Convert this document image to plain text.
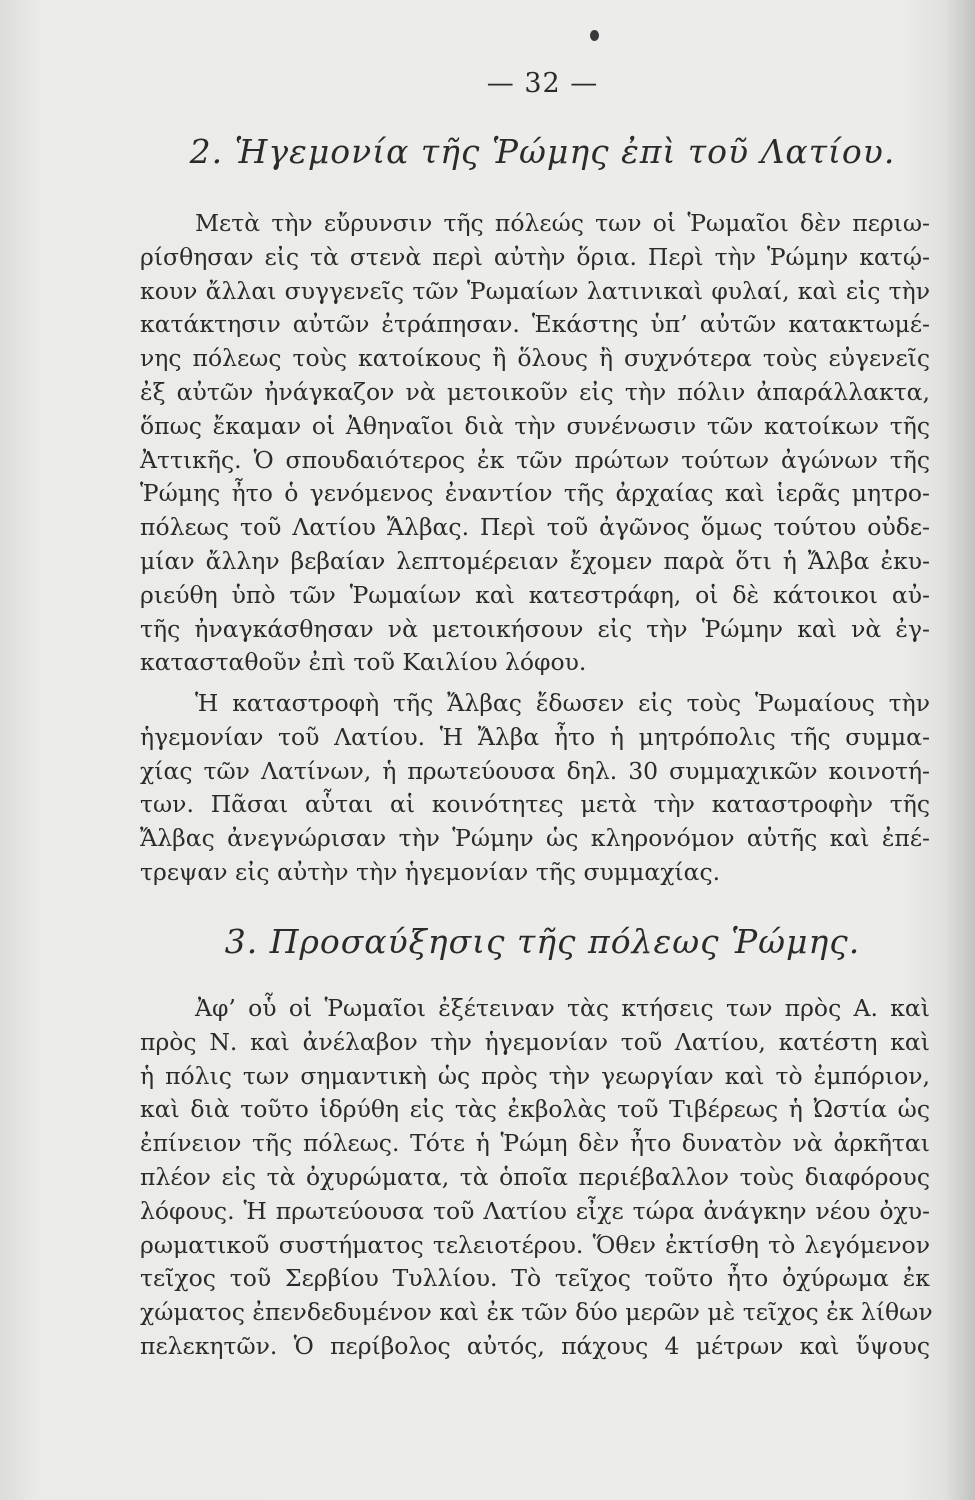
— 32 —
2. Ἡγεμονία τῆς Ῥώμης ἐπὶ τοῦ Λατίου.
Μετὰ τὴν εὔρυνσιν τῆς πόλεώς των οἱ Ῥωμαῖοι δὲν περιω-
ρίσθησαν εἰς τὰ στενὰ περὶ αὐτὴν ὅρια. Περὶ τὴν Ῥώμην κατῴ-
κουν ἄλλαι συγγενεῖς τῶν Ῥωμαίων λατινικαὶ φυλαί, καὶ εἰς τὴν
κατάκτησιν αὐτῶν ἐτράπησαν. Ἑκάστης ὑπ’ αὐτῶν κατακτωμέ-
νης πόλεως τοὺς κατοίκους ἢ ὅλους ἢ συχνότερα τοὺς εὐγενεῖς
ἐξ αὐτῶν ἠνάγκαζον νὰ μετοικοῦν εἰς τὴν πόλιν ἀπαράλλακτα,
ὅπως ἔκαμαν οἱ Ἀθηναῖοι διὰ τὴν συνένωσιν τῶν κατοίκων τῆς
Ἀττικῆς. Ὁ σπουδαιότερος ἐκ τῶν πρώτων τούτων ἀγώνων τῆς
Ῥώμης ἦτο ὁ γενόμενος ἐναντίον τῆς ἀρχαίας καὶ ἱερᾶς μητρο-
πόλεως τοῦ Λατίου Ἄλβας. Περὶ τοῦ ἀγῶνος ὅμως τούτου οὐδε-
μίαν ἄλλην βεβαίαν λεπτομέρειαν ἔχομεν παρὰ ὅτι ἡ Ἄλβα ἐκυ-
ριεύθη ὑπὸ τῶν Ῥωμαίων καὶ κατεστράφη, οἱ δὲ κάτοικοι αὐ-
τῆς ἠναγκάσθησαν νὰ μετοικήσουν εἰς τὴν Ῥώμην καὶ νὰ ἐγ-
κατασταθοῦν ἐπὶ τοῦ Καιλίου λόφου.
Ἡ καταστροφὴ τῆς Ἄλβας ἔδωσεν εἰς τοὺς Ῥωμαίους τὴν
ἡγεμονίαν τοῦ Λατίου. Ἡ Ἄλβα ἦτο ἡ μητρόπολις τῆς συμμα-
χίας τῶν Λατίνων, ἡ πρωτεύουσα δηλ. 30 συμμαχικῶν κοινοτή-
των. Πᾶσαι αὗται αἱ κοινότητες μετὰ τὴν καταστροφὴν τῆς
Ἄλβας ἀνεγνώρισαν τὴν Ῥώμην ὡς κληρονόμον αὐτῆς καὶ ἐπέ-
τρεψαν εἰς αὐτὴν τὴν ἡγεμονίαν τῆς συμμαχίας.
3. Προσαύξησις τῆς πόλεως Ῥώμης.
Ἀφ’ οὗ οἱ Ῥωμαῖοι ἐξέτειναν τὰς κτήσεις των πρὸς Α. καὶ
πρὸς Ν. καὶ ἀνέλαβον τὴν ἡγεμονίαν τοῦ Λατίου, κατέστη καὶ
ἡ πόλις των σημαντικὴ ὡς πρὸς τὴν γεωργίαν καὶ τὸ ἐμπόριον,
καὶ διὰ τοῦτο ἱδρύθη εἰς τὰς ἐκβολὰς τοῦ Τιβέρεως ἡ Ὠστία ὡς
ἐπίνειον τῆς πόλεως. Τότε ἡ Ῥώμη δὲν ἦτο δυνατὸν νὰ ἀρκῆται
πλέον εἰς τὰ ὀχυρώματα, τὰ ὁποῖα περιέβαλλον τοὺς διαφόρους
λόφους. Ἡ πρωτεύουσα τοῦ Λατίου εἶχε τώρα ἀνάγκην νέου ὀχυ-
ρωματικοῦ συστήματος τελειοτέρου. Ὅθεν ἐκτίσθη τὸ λεγόμενον
τεῖχος τοῦ Σερβίου Τυλλίου. Τὸ τεῖχος τοῦτο ἦτο ὀχύρωμα ἐκ
χώματος ἐπενδεδυμένον καὶ ἐκ τῶν δύο μερῶν μὲ τεῖχος ἐκ λίθων
πελεκητῶν. Ὁ περίβολος αὐτός, πάχους 4 μέτρων καὶ ὕψους
